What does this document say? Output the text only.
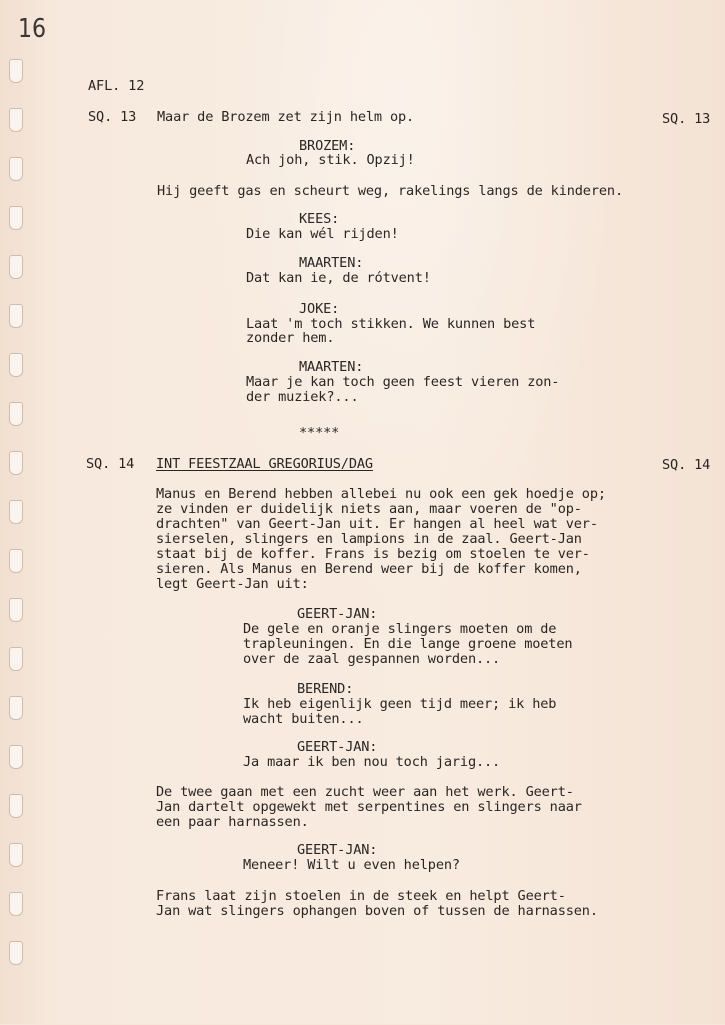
16
AFL. 12
SQ. 13 Maar de Brozem zet zijn helm op.	SQ. 13
BROZEM:
Ach joh, stik. Opzij!
Hij geeft gas en scheurt weg, rakelings langs de kinderen.
KEES:
Die kan wél rijden!
MAARTEN:
Dat kan ie, de rótvent!
JOKE:
Laat 'm toch stikken. We kunnen best
zonder hem.
MAARTEN:
Maar je kan toch geen feest vieren zon-
der muziek?...
*****
SQ. 14 INT FEESTZAAL GREGORIUS/DAG	SQ. 14
Manus en Berend hebben allebei nu ook een gek hoedje op;
ze vinden er duidelijk niets aan, maar voeren de "op-
drachten" van Geert-Jan uit. Er hangen al heel wat ver-
sierselen, slingers en lampions in de zaal. Geert-Jan
staat bij de koffer. Frans is bezig om stoelen te ver-
sieren. Als Manus en Berend weer bij de koffer komen,
legt Geert-Jan uit:
GEERT-JAN:
De gele en oranje slingers moeten om de
trapleuningen. En die lange groene moeten
over de zaal gespannen worden...
BEREND:
Ik heb eigenlijk geen tijd meer; ik heb
wacht buiten...
GEERT-JAN:
Ja maar ik ben nou toch jarig...
De twee gaan met een zucht weer aan het werk. Geert-
Jan dartelt opgewekt met serpentines en slingers naar
een paar harnassen.
GEERT-JAN:
Meneer! Wilt u even helpen?
Frans laat zijn stoelen in de steek en helpt Geert-
Jan wat slingers ophangen boven of tussen de harnassen.
